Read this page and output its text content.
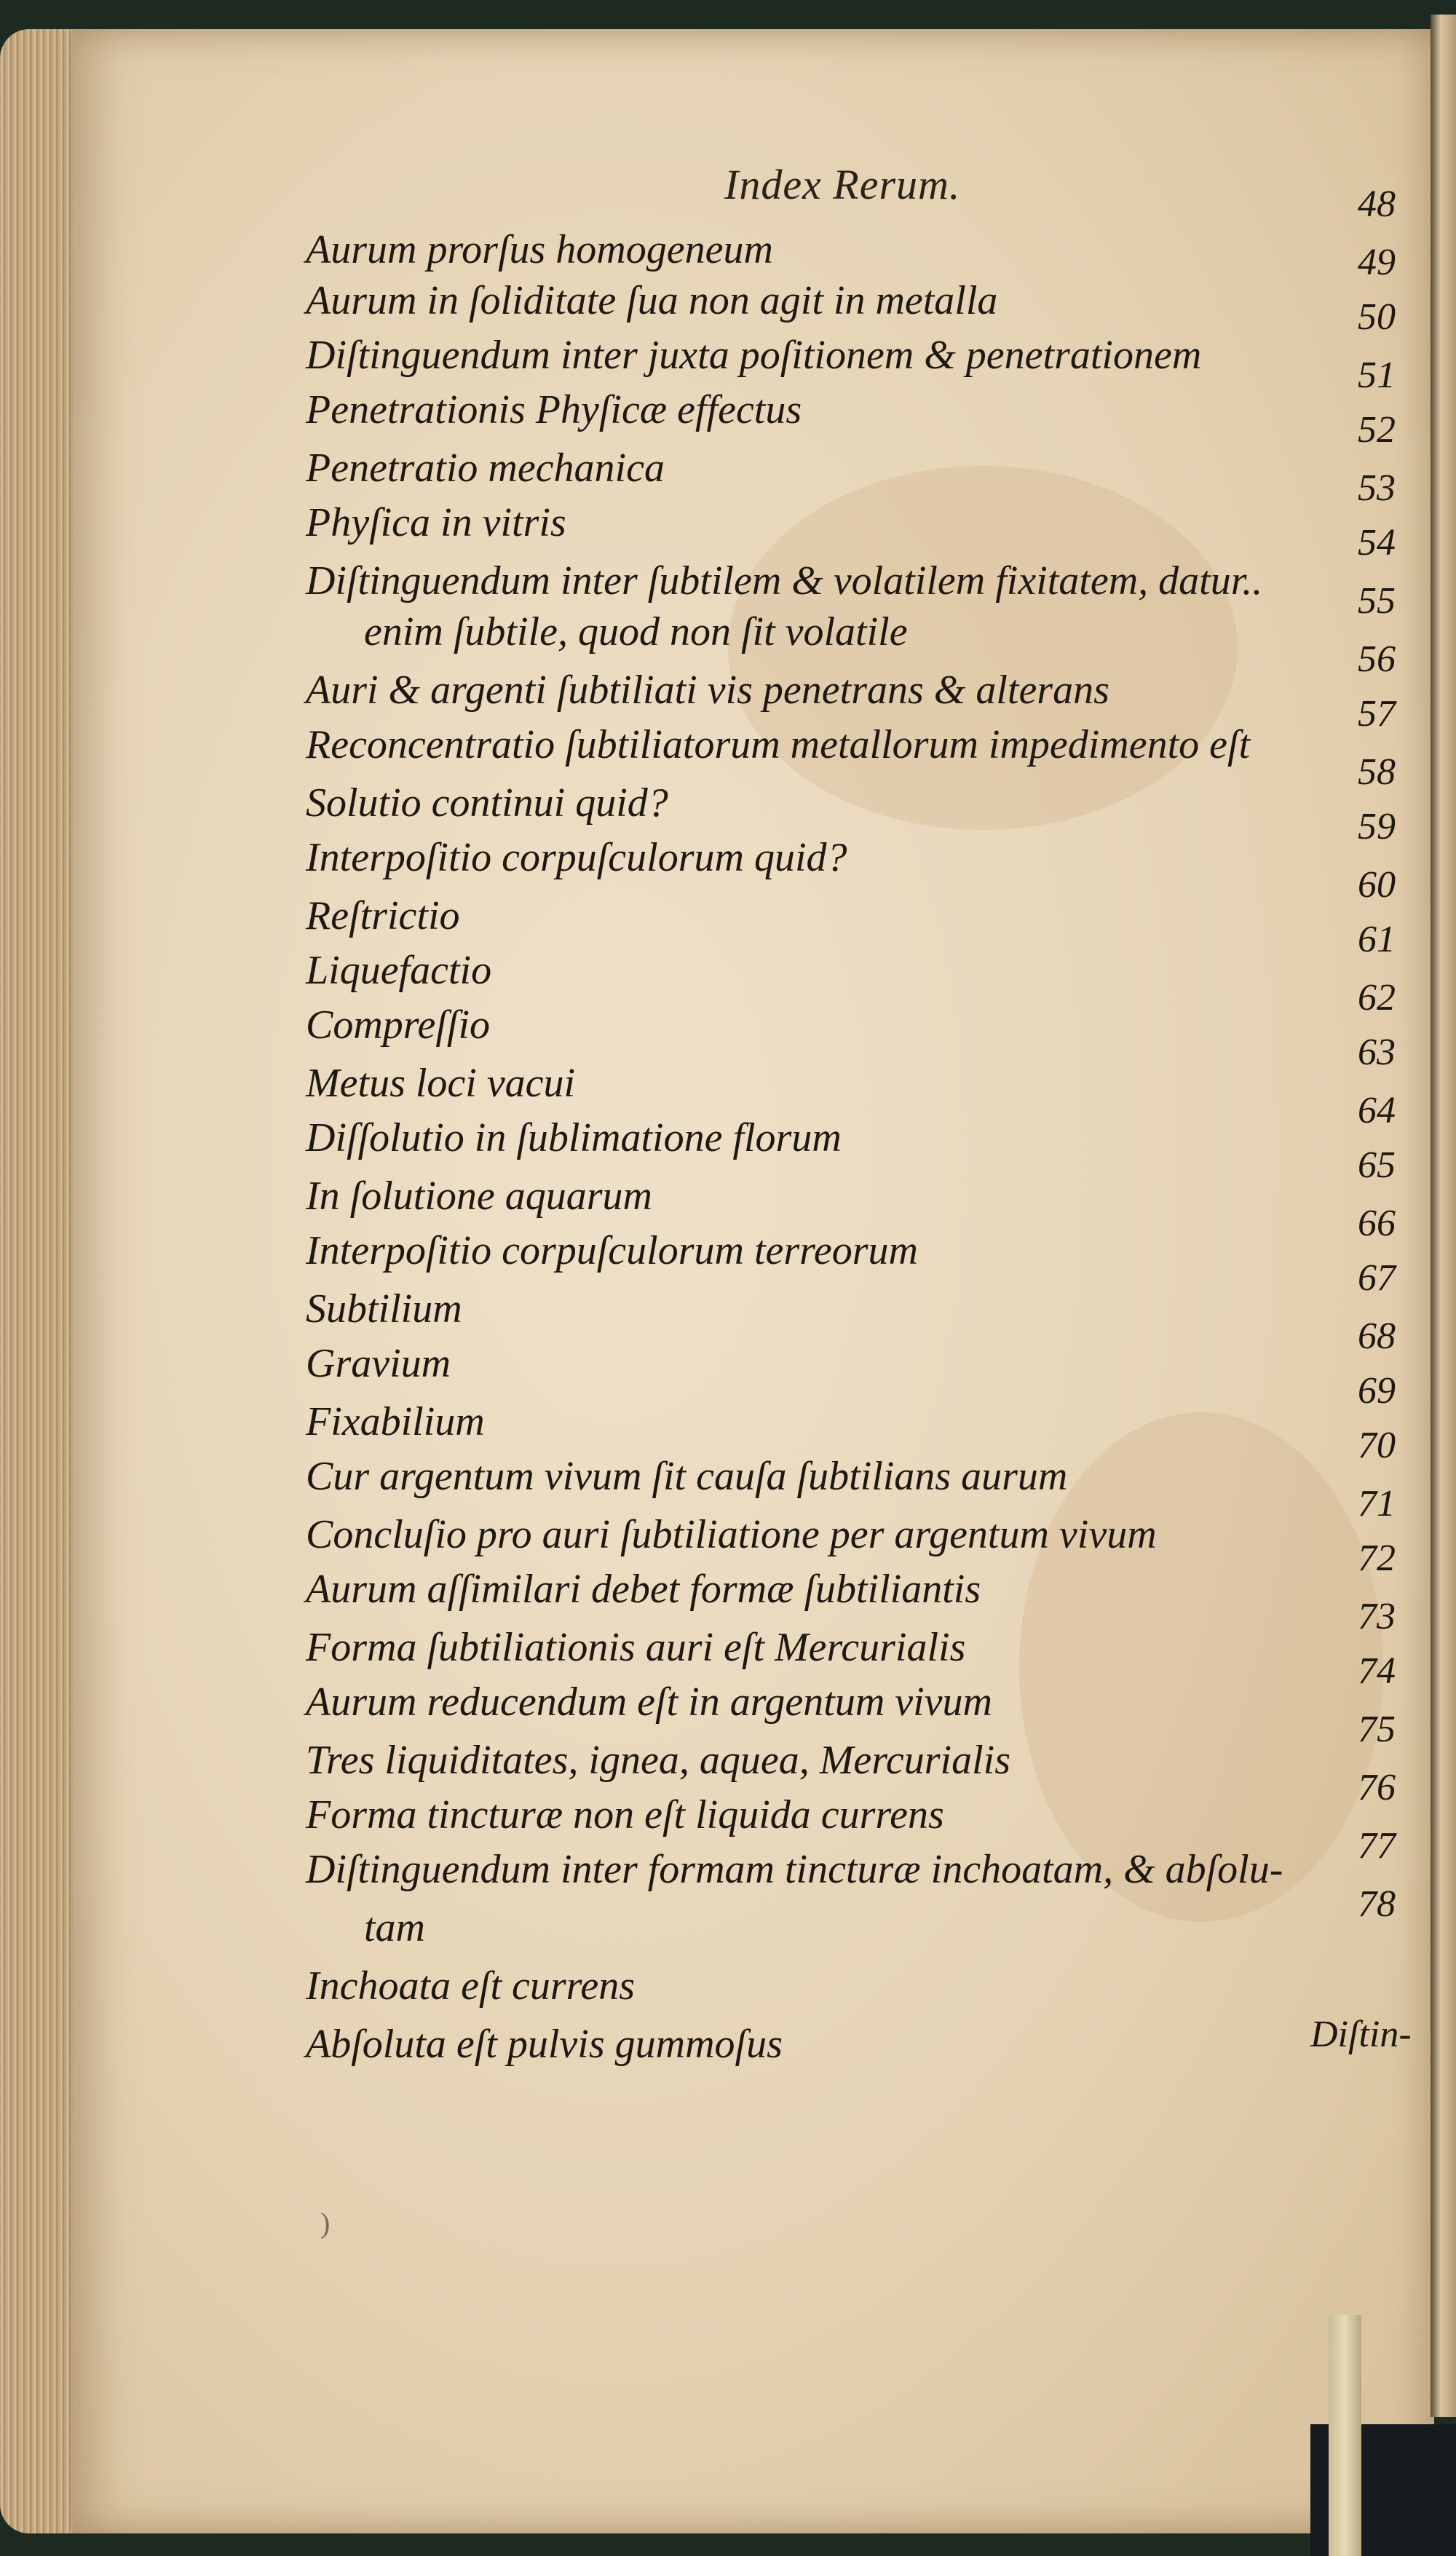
Index Rerum.
Aurum prorſus homogeneum
Aurum in ſoliditate ſua non agit in metalla
Diſtinguendum inter juxta poſitionem & penetrationem
Penetrationis Phyſicæ effectus
Penetratio mechanica
Phyſica in vitris
Diſtinguendum inter ſubtilem & volatilem fixitatem, datur..
enim ſubtile, quod non ſit volatile
Auri & argenti ſubtiliati vis penetrans & alterans
Reconcentratio ſubtiliatorum metallorum impedimento eſt
Solutio continui quid?
Interpoſitio corpuſculorum quid?
Reſtrictio
Liquefactio
Compreſſio
Metus loci vacui
Diſſolutio in ſublimatione florum
In ſolutione aquarum
Interpoſitio corpuſculorum terreorum
Subtilium
Gravium
Fixabilium
Cur argentum vivum ſit cauſa ſubtilians aurum
Concluſio pro auri ſubtiliatione per argentum vivum
Aurum aſſimilari debet formæ ſubtiliantis
Forma ſubtiliationis auri eſt Mercurialis
Aurum reducendum eſt in argentum vivum
Tres liquiditates, ignea, aquea, Mercurialis
Forma tincturæ non eſt liquida currens
Diſtinguendum inter formam tincturæ inchoatam, & abſolu-
tam
Inchoata eſt currens
Abſoluta eſt pulvis gummoſus
48
49
50
51
52
53
54
55
56
57
58
59
60
61
62
63
64
65
66
67
68
69
70
71
72
73
74
75
76
77
78
Diſtin-
)
